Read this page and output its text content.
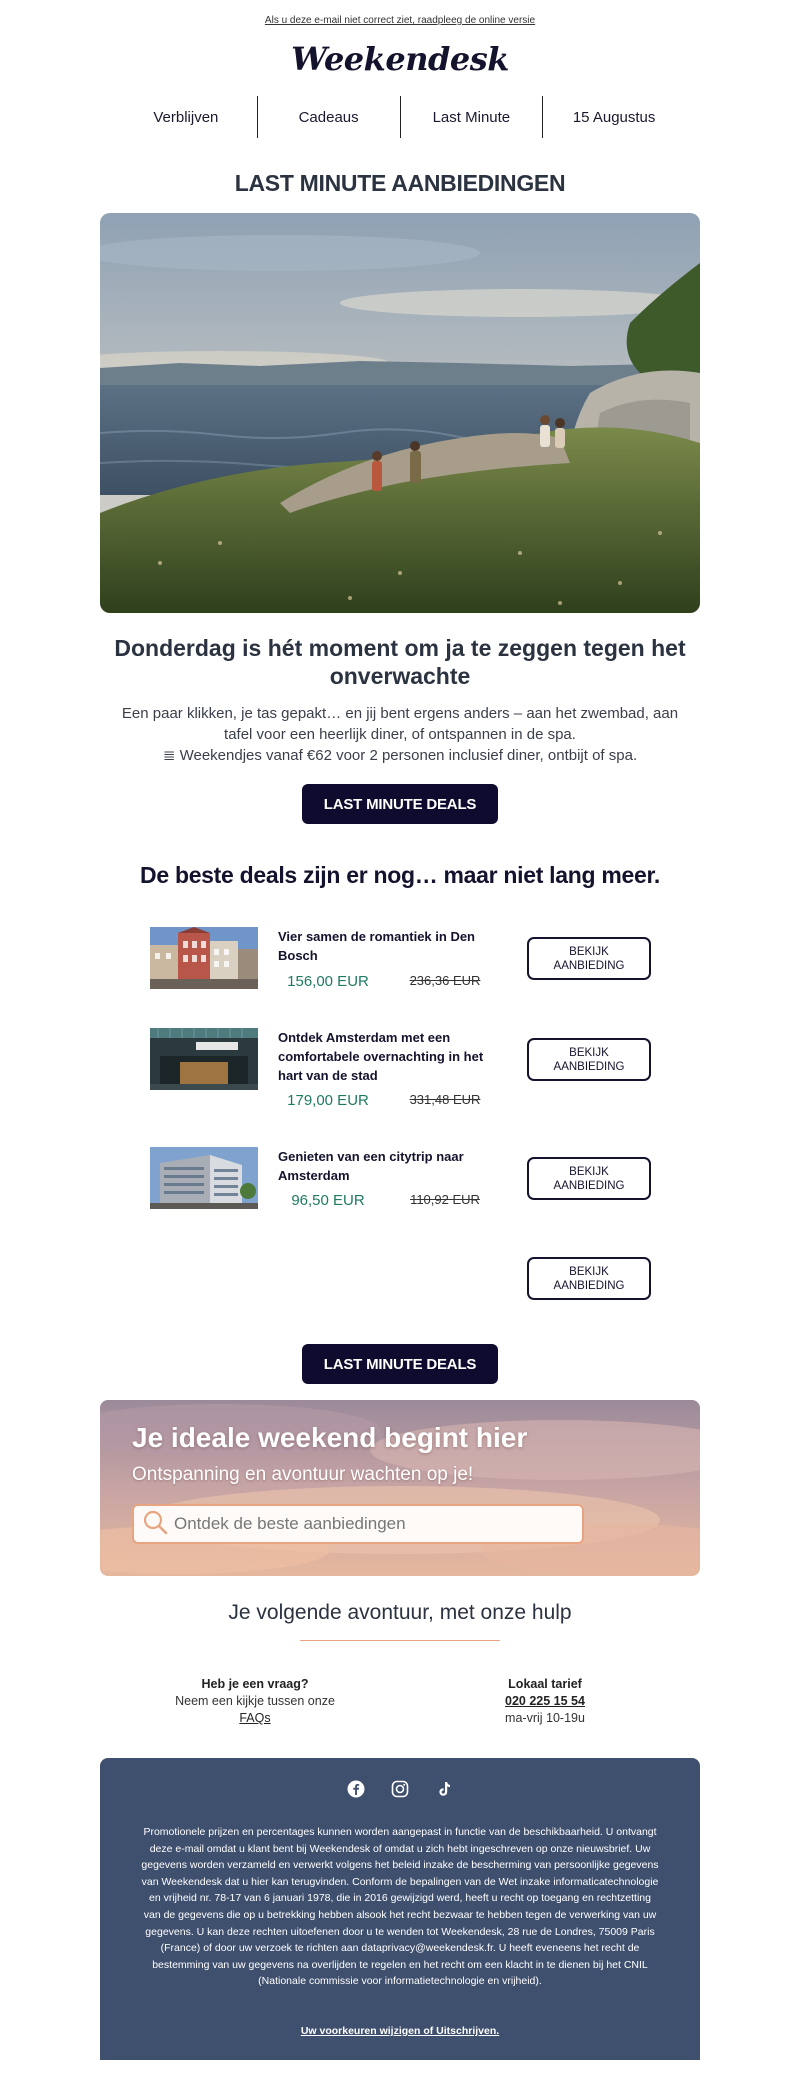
Als u deze e-mail niet correct ziet, raadpleeg de online versie
Weekendesk
Verblijven	Cadeaus	Last Minute	15 Augustus
LAST MINUTE AANBIEDINGEN
Donderdag is hét moment om ja te zeggen tegen het onverwachte
Een paar klikken, je tas gepakt… en jij bent ergens anders – aan het zwembad, aan tafel voor een heerlijk diner, of ontspannen in de spa.
≣ Weekendjes vanaf €62 voor 2 personen inclusief diner, ontbijt of spa.
LAST MINUTE DEALS
De beste deals zijn er nog… maar niet lang meer.
Vier samen de romantiek in Den Bosch
156,00 EUR	236,36 EUR
BEKIJK AANBIEDING
Ontdek Amsterdam met een comfortabele overnachting in het hart van de stad
179,00 EUR	331,48 EUR
BEKIJK AANBIEDING
Genieten van een citytrip naar Amsterdam
96,50 EUR	110,92 EUR
BEKIJK AANBIEDING
BEKIJK AANBIEDING
LAST MINUTE DEALS
Je ideale weekend begint hier
Ontspanning en avontuur wachten op je!
Ontdek de beste aanbiedingen
Je volgende avontuur, met onze hulp
Heb je een vraag?
Neem een kijkje tussen onze
FAQs
Lokaal tarief
020 225 15 54
ma-vrij 10-19u
Promotionele prijzen en percentages kunnen worden aangepast in functie van de beschikbaarheid. U ontvangt deze e-mail omdat u klant bent bij Weekendesk of omdat u zich hebt ingeschreven op onze nieuwsbrief. Uw gegevens worden verzameld en verwerkt volgens het beleid inzake de bescherming van persoonlijke gegevens van Weekendesk dat u hier kan terugvinden. Conform de bepalingen van de Wet inzake informaticatechnologie en vrijheid nr. 78-17 van 6 januari 1978, die in 2016 gewijzigd werd, heeft u recht op toegang en rechtzetting van de gegevens die op u betrekking hebben alsook het recht bezwaar te hebben tegen de verwerking van uw gegevens. U kan deze rechten uitoefenen door u te wenden tot Weekendesk, 28 rue de Londres, 75009 Paris (France) of door uw verzoek te richten aan dataprivacy@weekendesk.fr. U heeft eveneens het recht de bestemming van uw gegevens na overlijden te regelen en het recht om een klacht in te dienen bij het CNIL (Nationale commissie voor informatietechnologie en vrijheid).
Uw voorkeuren wijzigen of Uitschrijven.
